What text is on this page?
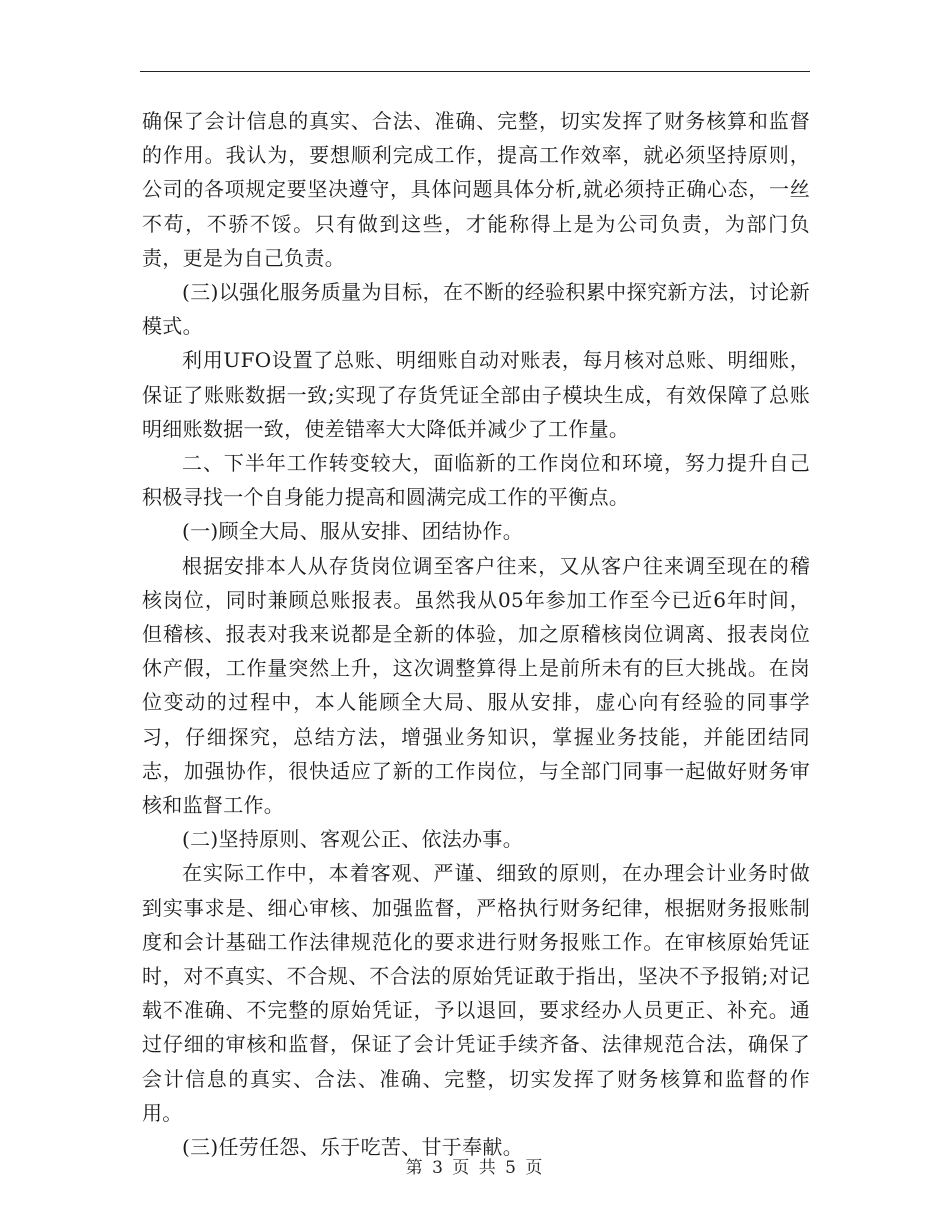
确保了会计信息的真实、合法、准确、完整，切实发挥了财务核算和监督的作用。我认为，要想顺利完成工作，提高工作效率，就必须坚持原则，公司的各项规定要坚决遵守，具体问题具体分析,就必须持正确心态，一丝不苟，不骄不馁。只有做到这些，才能称得上是为公司负责，为部门负责，更是为自己负责。

(三)以强化服务质量为目标，在不断的经验积累中探究新方法，讨论新模式。

利用UFO设置了总账、明细账自动对账表，每月核对总账、明细账，保证了账账数据一致;实现了存货凭证全部由子模块生成，有效保障了总账明细账数据一致，使差错率大大降低并减少了工作量。

二、下半年工作转变较大，面临新的工作岗位和环境，努力提升自己积极寻找一个自身能力提高和圆满完成工作的平衡点。

(一)顾全大局、服从安排、团结协作。

根据安排本人从存货岗位调至客户往来，又从客户往来调至现在的稽核岗位，同时兼顾总账报表。虽然我从05年参加工作至今已近6年时间，但稽核、报表对我来说都是全新的体验，加之原稽核岗位调离、报表岗位休产假，工作量突然上升，这次调整算得上是前所未有的巨大挑战。在岗位变动的过程中，本人能顾全大局、服从安排，虚心向有经验的同事学习，仔细探究，总结方法，增强业务知识，掌握业务技能，并能团结同志，加强协作，很快适应了新的工作岗位，与全部门同事一起做好财务审核和监督工作。

(二)坚持原则、客观公正、依法办事。

在实际工作中，本着客观、严谨、细致的原则，在办理会计业务时做到实事求是、细心审核、加强监督，严格执行财务纪律，根据财务报账制度和会计基础工作法律规范化的要求进行财务报账工作。在审核原始凭证时，对不真实、不合规、不合法的原始凭证敢于指出，坚决不予报销;对记载不准确、不完整的原始凭证，予以退回，要求经办人员更正、补充。通过仔细的审核和监督，保证了会计凭证手续齐备、法律规范合法，确保了会计信息的真实、合法、准确、完整，切实发挥了财务核算和监督的作用。

(三)任劳任怨、乐于吃苦、甘于奉献。

第 3 页 共 5 页
